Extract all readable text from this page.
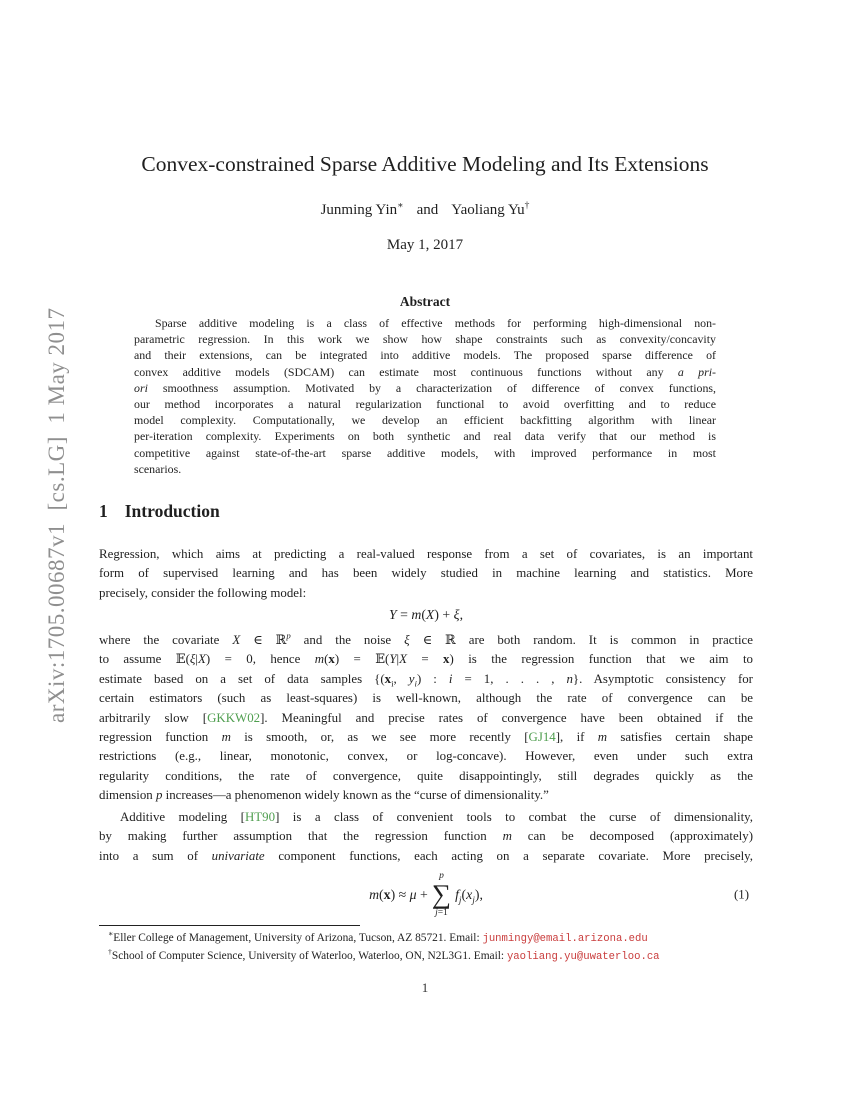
arXiv:1705.00687v1  [cs.LG]  1 May 2017

Convex-constrained Sparse Additive Modeling and Its Extensions
Junming Yin∗ and Yaoliang Yu†
May 1, 2017
Abstract
Sparse additive modeling is a class of effective methods for performing high-dimensional non-
parametric regression. In this work we show how shape constraints such as convexity/concavity
and their extensions, can be integrated into additive models. The proposed sparse difference of
convex additive models (SDCAM) can estimate most continuous functions without any a pri-
ori smoothness assumption. Motivated by a characterization of difference of convex functions,
our method incorporates a natural regularization functional to avoid overfitting and to reduce
model complexity. Computationally, we develop an efficient backfitting algorithm with linear
per-iteration complexity. Experiments on both synthetic and real data verify that our method is
competitive against state-of-the-art sparse additive models, with improved performance in most
scenarios.
1 Introduction
Regression, which aims at predicting a real-valued response from a set of covariates, is an important
form of supervised learning and has been widely studied in machine learning and statistics. More
precisely, consider the following model:
Y = m(X) + ξ,
where the covariate X ∈ ℝ$^p$ and the noise ξ ∈ ℝ are both random. It is common in practice
to assume 𝔼(ξ|X) = 0, hence m(x) = 𝔼(Y|X = x) is the regression function that we aim to
estimate based on a set of data samples {($x_i$, $y_i$) : i = 1, . . . , n}. Asymptotic consistency for
certain estimators (such as least-squares) is well-known, although the rate of convergence can be
arbitrarily slow [GKKW02]. Meaningful and precise rates of convergence have been obtained if the
regression function m is smooth, or, as we see more recently [GJ14], if m satisfies certain shape
restrictions (e.g., linear, monotonic, convex, or log-concave). However, even under such extra
regularity conditions, the rate of convergence, quite disappointingly, still degrades quickly as the
dimension p increases—a phenomenon widely known as the “curse of dimensionality.”
Additive modeling [HT90] is a class of convenient tools to combat the curse of dimensionality,
by making further assumption that the regression function m can be decomposed (approximately)
into a sum of univariate component functions, each acting on a separate covariate. More precisely,
m(x) ≈ μ +
p
∑
j=1
$f_j(x_j)$,	(1)
∗Eller College of Management, University of Arizona, Tucson, AZ 85721. Email: junmingy@email.arizona.edu
†School of Computer Science, University of Waterloo, Waterloo, ON, N2L3G1. Email: yaoliang.yu@uwaterloo.ca
1
